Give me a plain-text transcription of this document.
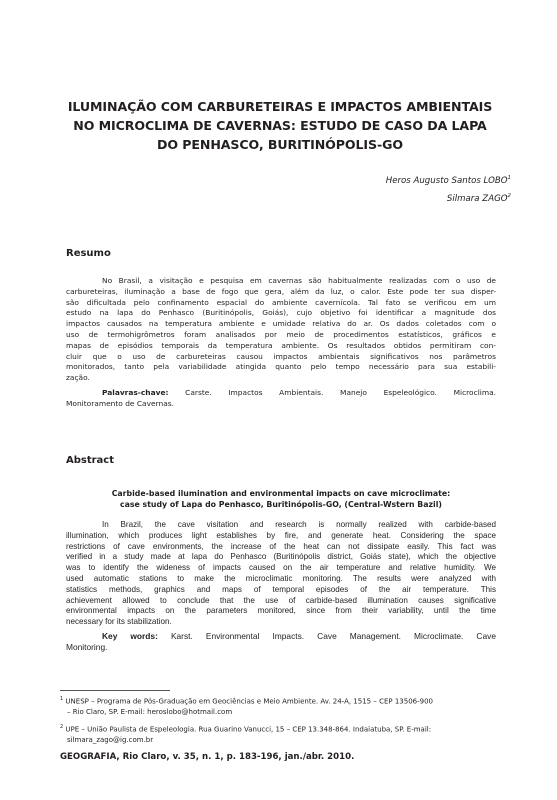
ILUMINAÇÃO COM CARBURETEIRAS E IMPACTOS AMBIENTAIS
NO MICROCLIMA DE CAVERNAS: ESTUDO DE CASO DA LAPA
DO PENHASCO, BURITINÓPOLIS-GO
Heros Augusto Santos LOBO$^1$
Silmara ZAGO$^2$
Resumo
No Brasil, a visitação e pesquisa em cavernas são habitualmente realizadas com o uso de
carbureteiras, iluminação a base de fogo que gera, além da luz, o calor. Este pode ter sua disper-
são dificultada pelo confinamento espacial do ambiente cavernícola. Tal fato se verificou em um
estudo na lapa do Penhasco (Buritinópolis, Goiás), cujo objetivo foi identificar a magnitude dos
impactos causados na temperatura ambiente e umidade relativa do ar. Os dados coletados com o
uso de termohigrômetros foram analisados por meio de procedimentos estatísticos, gráficos e
mapas de episódios temporais da temperatura ambiente. Os resultados obtidos permitiram con-
cluir que o uso de carbureteiras causou impactos ambientais significativos nos parâmetros
monitorados, tanto pela variabilidade atingida quanto pelo tempo necessário para sua estabili-
zação.
Palavras-chave: Carste. Impactos Ambientais. Manejo Espeleológico. Microclima.
Monitoramento de Cavernas.
Abstract
Carbide-based ilumination and environmental impacts on cave microclimate:
case study of Lapa do Penhasco, Buritinópolis-GO, (Central-Wstern Bazil)
In Brazil, the cave visitation and research is normally realized with carbide-based
illumination, which produces light establishes by fire, and generate heat. Considering the space
restrictions of cave environments, the increase of the heat can not dissipate easily. This fact was
verified in a study made at lapa do Penhasco (Buritinópolis district, Goiás state), which the objective
was to identify the wideness of impacts caused on the air temperature and relative humidity. We
used automatic stations to make the microclimatic monitoring. The results were analyzed with
statistics methods, graphics and maps of temporal episodes of the air temperature. This
achievement allowed to conclude that the use of carbide-based illumination causes significative
environmental impacts on the parameters monitored, since from their variability, until the time
necessary for its stabilization.
Key words: Karst. Environmental Impacts. Cave Management. Microclimate. Cave
Monitoring.
$^1$ UNESP – Programa de Pós-Graduação em Geociências e Meio Ambiente. Av. 24-A, 1515 – CEP 13506-900
– Rio Claro, SP. E-mail: heroslobo@hotmail.com
$^2$ UPE – União Paulista de Espeleologia. Rua Guarino Vanucci, 15 – CEP 13.348-864. Indaiatuba, SP. E-mail:
silmara_zago@ig.com.br
GEOGRAFIA, Rio Claro, v. 35, n. 1, p. 183-196, jan./abr. 2010.
